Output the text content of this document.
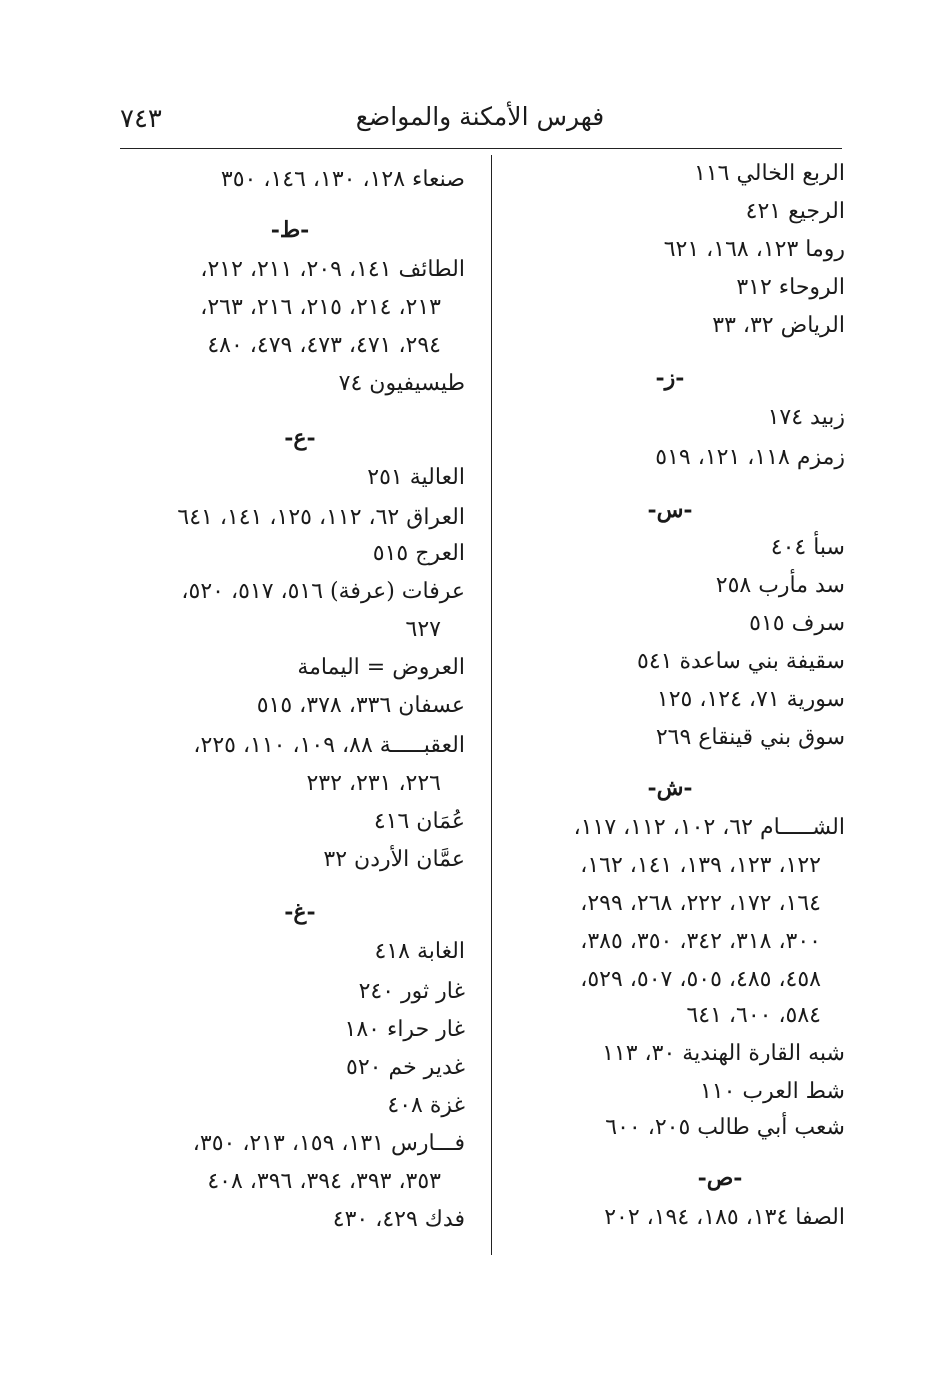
فهرس الأمكنة والمواضع
٧٤٣
الربع الخالي ١١٦
الرجيع ٤٢١
روما ١٢٣، ١٦٨، ٦٢١
الروحاء ٣١٢
الرياض ٣٢، ٣٣
-ز-
زبيد ١٧٤
زمزم ١١٨، ١٢١، ٥١٩
-س-
سبأ ٤٠٤
سد مأرب ٢٥٨
سرف ٥١٥
سقيفة بني ساعدة ٥٤١
سورية ٧١، ١٢٤، ١٢٥
سوق بني قينقاع ٢٦٩
-ش-
الشـــــام ٦٢، ١٠٢، ١١٢، ١١٧،
١٢٢، ١٢٣، ١٣٩، ١٤١، ١٦٢،
١٦٤، ١٧٢، ٢٢٢، ٢٦٨، ٢٩٩،
٣٠٠، ٣١٨، ٣٤٢، ٣٥٠، ٣٨٥،
٤٥٨، ٤٨٥، ٥٠٥، ٥٠٧، ٥٢٩،
٥٨٤، ٦٠٠، ٦٤١
شبه القارة الهندية ٣٠، ١١٣
شط العرب ١١٠
شعب أبي طالب ٢٠٥، ٦٠٠
-ص-
الصفا ١٣٤، ١٨٥، ١٩٤، ٢٠٢
صنعاء ١٢٨، ١٣٠، ١٤٦، ٣٥٠
-ط-
الطائف ١٤١، ٢٠٩، ٢١١، ٢١٢،
٢١٣، ٢١٤، ٢١٥، ٢١٦، ٢٦٣،
٢٩٤، ٤٧١، ٤٧٣، ٤٧٩، ٤٨٠
طيسيفيون ٧٤
-ع-
العالية ٢٥١
العراق ٦٢، ١١٢، ١٢٥، ١٤١، ٦٤١
العرج ٥١٥
عرفات (عرفة) ٥١٦، ٥١٧، ٥٢٠،
٦٢٧
العروض = اليمامة
عسفان ٣٣٦، ٣٧٨، ٥١٥
العقبـــــة ٨٨، ١٠٩، ١١٠، ٢٢٥،
٢٢٦، ٢٣١، ٢٣٢
عُمَان ٤١٦
عمَّان الأردن ٣٢
-غ-
الغابة ٤١٨
غار ثور ٢٤٠
غار حراء ١٨٠
غدير خم ٥٢٠
غزة ٤٠٨
فـــارس ١٣١، ١٥٩، ٢١٣، ٣٥٠،
٣٥٣، ٣٩٣، ٣٩٤، ٣٩٦، ٤٠٨
فدك ٤٢٩، ٤٣٠
